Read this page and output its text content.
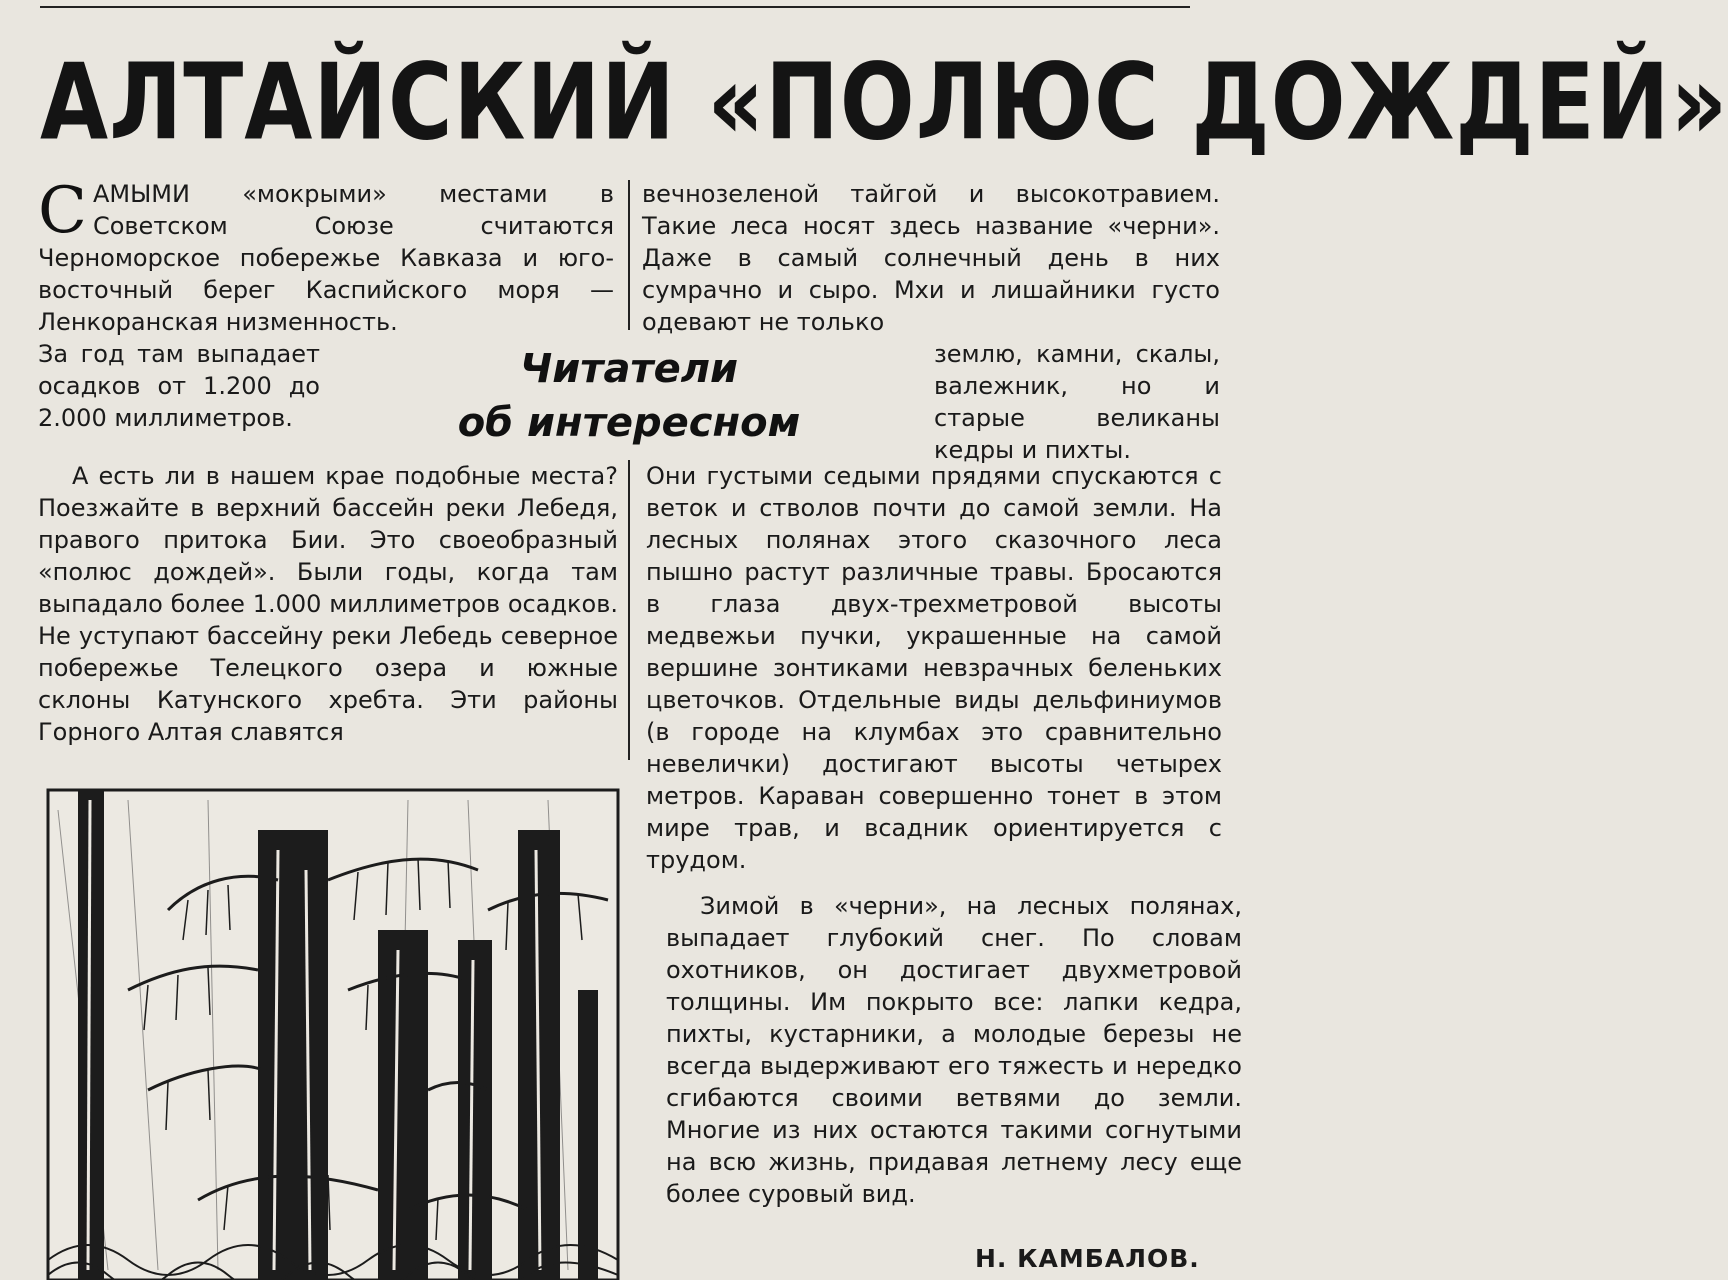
АЛТАЙСКИЙ «ПОЛЮС ДОЖДЕЙ»

САМЫМИ «мокрыми» местами в Советском Союзе считаются Черноморское побережье Кавказа и юго-восточный берег Каспийского моря — Ленкоранская низменность.

За год там выпадает осадков от 1.200 до 2.000 миллиметров.

Читатели
об интересном

А есть ли в нашем крае подобные места? Поезжайте в верхний бассейн реки Лебедя, правого притока Бии. Это своеобразный «полюс дождей». Были годы, когда там выпадало более 1.000 миллиметров осадков. Не уступают бассейну реки Лебедь северное побережье Телецкого озера и южные склоны Катунского хребта. Эти районы Горного Алтая славятся

вечнозеленой тайгой и высокотравием. Такие леса носят здесь название «черни». Даже в самый солнечный день в них сумрачно и сыро. Мхи и лишайники густо одевают не только

землю, камни, скалы, валежник, но и старые великаны кедры и пихты.

Они густыми седыми прядями спускаются с веток и стволов почти до самой земли. На лесных полянах этого сказочного леса пышно растут различные травы. Бросаются в глаза двух-трехметровой высоты медвежьи пучки, украшенные на самой вершине зонтиками невзрачных беленьких цветочков. Отдельные виды дельфиниумов (в городе на клумбах это сравнительно невелички) достигают высоты четырех метров. Караван совершенно тонет в этом мире трав, и всадник ориентируется с трудом.

Зимой в «черни», на лесных полянах, выпадает глубокий снег. По словам охотников, он достигает двухметровой толщины. Им покрыто все: лапки кедра, пихты, кустарники, а молодые березы не всегда выдерживают его тяжесть и нередко сгибаются своими ветвями до земли. Многие из них остаются такими согнутыми на всю жизнь, придавая летнему лесу еще более суровый вид.

Н. КАМБАЛОВ.
